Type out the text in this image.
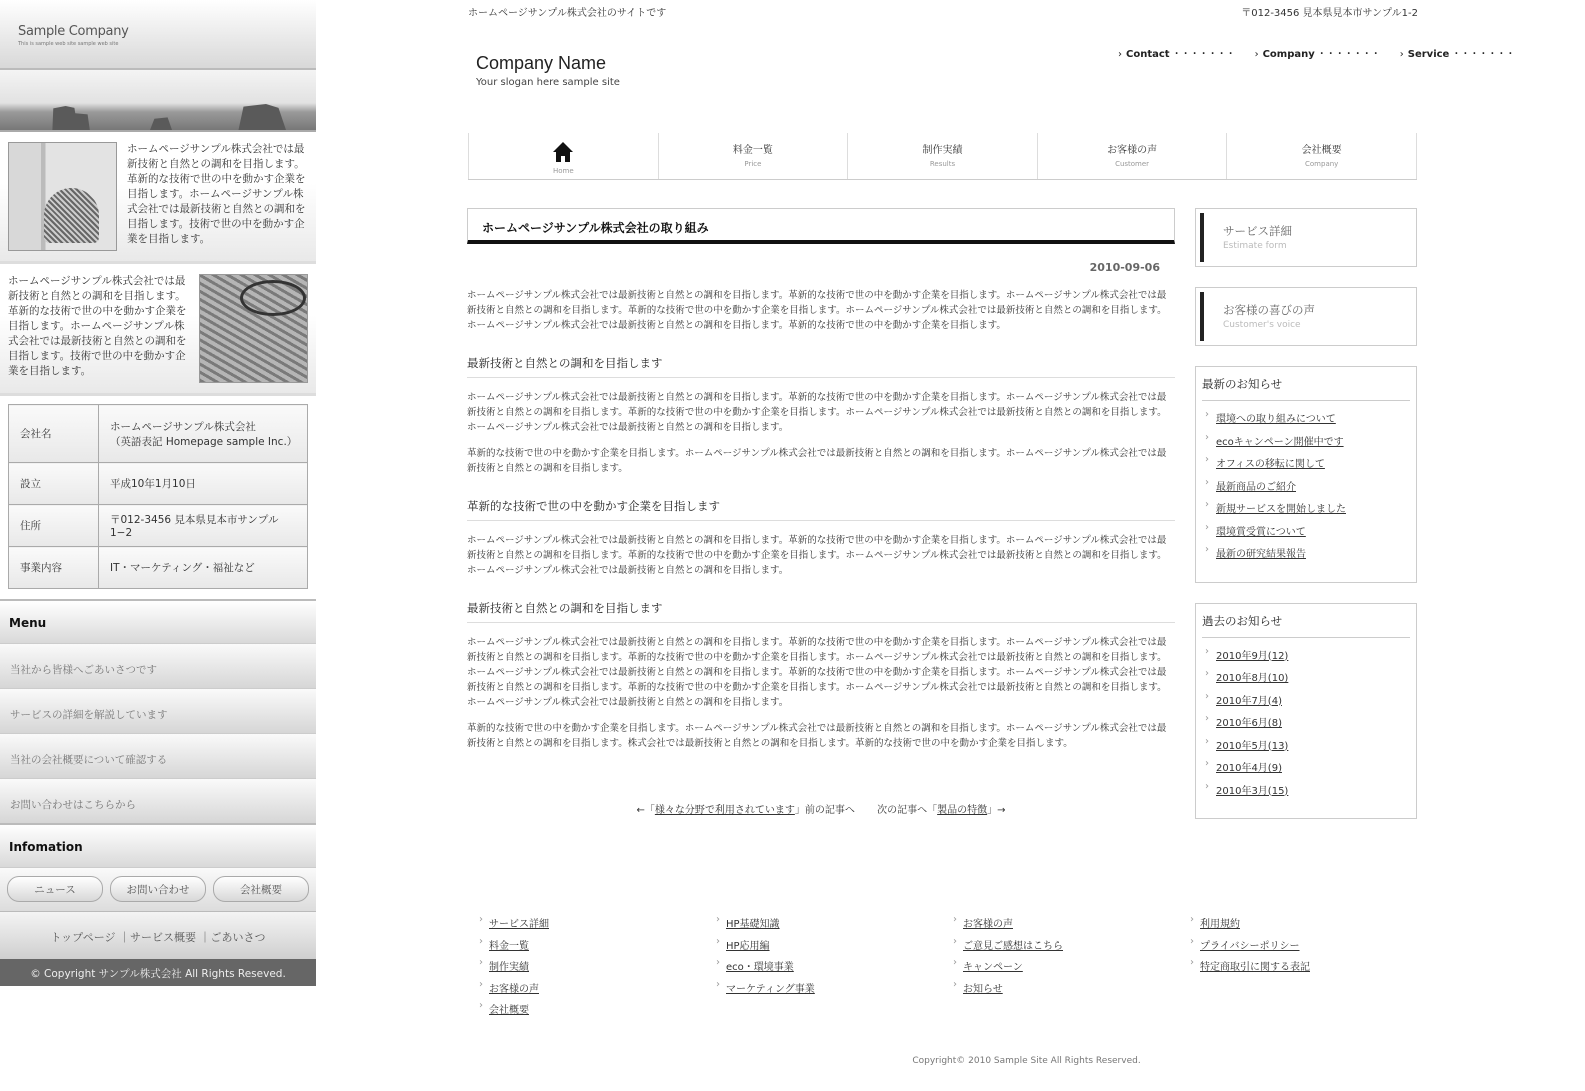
Sample Company
This is sample web site sample web site
ホームページサンプル株式会社では最新技術と自然との調和を目指します。革新的な技術で世の中を動かす企業を目指します。ホームページサンプル株式会社では最新技術と自然との調和を目指します。技術で世の中を動かす企業を目指します。
ホームページサンプル株式会社では最新技術と自然との調和を目指します。革新的な技術で世の中を動かす企業を目指します。ホームページサンプル株式会社では最新技術と自然との調和を目指します。技術で世の中を動かす企業を目指します。
会社名	ホームページサンプル株式会社
（英語表記 Homepage sample Inc.）
設立	平成10年1月10日
住所	〒012-3456 見本県見本市サンプル1−2
事業内容	IT・マーケティング・福祉など
Menu
当社から皆様へごあいさつです
サービスの詳細を解説しています
当社の会社概要について確認する
お問い合わせはこちらから
Infomation
ニュース	お問い合わせ	会社概要
トップページ ｜サービス概要 ｜ごあいさつ
© Copyright サンプル株式会社 All Rights Reseved.
ホームページサンプル株式会社のサイトです	〒012-3456 見本県見本市サンプル1-2
Company Name
Your slogan here sample site
› Contact ・・・・・・・	› Company ・・・・・・・	› Service ・・・・・・・
Home
料金一覧
Price
制作実績
Results
お客様の声
Customer
会社概要
Company
ホームページサンプル株式会社の取り組み
2010-09-06

ホームページサンプル株式会社では最新技術と自然との調和を目指します。革新的な技術で世の中を動かす企業を目指します。ホームページサンプル株式会社では最新技術と自然との調和を目指します。革新的な技術で世の中を動かす企業を目指します。ホームページサンプル株式会社では最新技術と自然との調和を目指します。ホームページサンプル株式会社では最新技術と自然との調和を目指します。革新的な技術で世の中を動かす企業を目指します。

最新技術と自然との調和を目指します

ホームページサンプル株式会社では最新技術と自然との調和を目指します。革新的な技術で世の中を動かす企業を目指します。ホームページサンプル株式会社では最新技術と自然との調和を目指します。革新的な技術で世の中を動かす企業を目指します。ホームページサンプル株式会社では最新技術と自然との調和を目指します。ホームページサンプル株式会社では最新技術と自然との調和を目指します。

革新的な技術で世の中を動かす企業を目指します。ホームページサンプル株式会社では最新技術と自然との調和を目指します。ホームページサンプル株式会社では最新技術と自然との調和を目指します。

革新的な技術で世の中を動かす企業を目指します

ホームページサンプル株式会社では最新技術と自然との調和を目指します。革新的な技術で世の中を動かす企業を目指します。ホームページサンプル株式会社では最新技術と自然との調和を目指します。革新的な技術で世の中を動かす企業を目指します。ホームページサンプル株式会社では最新技術と自然との調和を目指します。ホームページサンプル株式会社では最新技術と自然との調和を目指します。

最新技術と自然との調和を目指します

ホームページサンプル株式会社では最新技術と自然との調和を目指します。革新的な技術で世の中を動かす企業を目指します。ホームページサンプル株式会社では最新技術と自然との調和を目指します。革新的な技術で世の中を動かす企業を目指します。ホームページサンプル株式会社では最新技術と自然との調和を目指します。ホームページサンプル株式会社では最新技術と自然との調和を目指します。革新的な技術で世の中を動かす企業を目指します。ホームページサンプル株式会社では最新技術と自然との調和を目指します。革新的な技術で世の中を動かす企業を目指します。ホームページサンプル株式会社では最新技術と自然との調和を目指します。ホームページサンプル株式会社では最新技術と自然との調和を目指します。

革新的な技術で世の中を動かす企業を目指します。ホームページサンプル株式会社では最新技術と自然との調和を目指します。ホームページサンプル株式会社では最新技術と自然との調和を目指します。株式会社では最新技術と自然との調和を目指します。革新的な技術で世の中を動かす企業を目指します。

←「様々な分野で利用されています」前の記事へ 次の記事へ「製品の特徴」→
サービス詳細
Estimate form
お客様の喜びの声
Customer's voice
最新のお知らせ
› 環境への取り組みについて
› ecoキャンペーン開催中です
› オフィスの移転に関して
› 最新商品のご紹介
› 新規サービスを開始しました
› 環境賞受賞について
› 最新の研究結果報告
過去のお知らせ
› 2010年9月(12)
› 2010年8月(10)
› 2010年7月(4)
› 2010年6月(8)
› 2010年5月(13)
› 2010年4月(9)
› 2010年3月(15)
› サービス詳細
› 料金一覧
› 制作実績
› お客様の声
› 会社概要
› HP基礎知識
› HP応用編
› eco・環境事業
› マーケティング事業
› お客様の声
› ご意見ご感想はこちら
› キャンペーン
› お知らせ
› 利用規約
› プライバシーポリシー
› 特定商取引に関する表記
Copyright© 2010 Sample Site All Rights Reserved.
